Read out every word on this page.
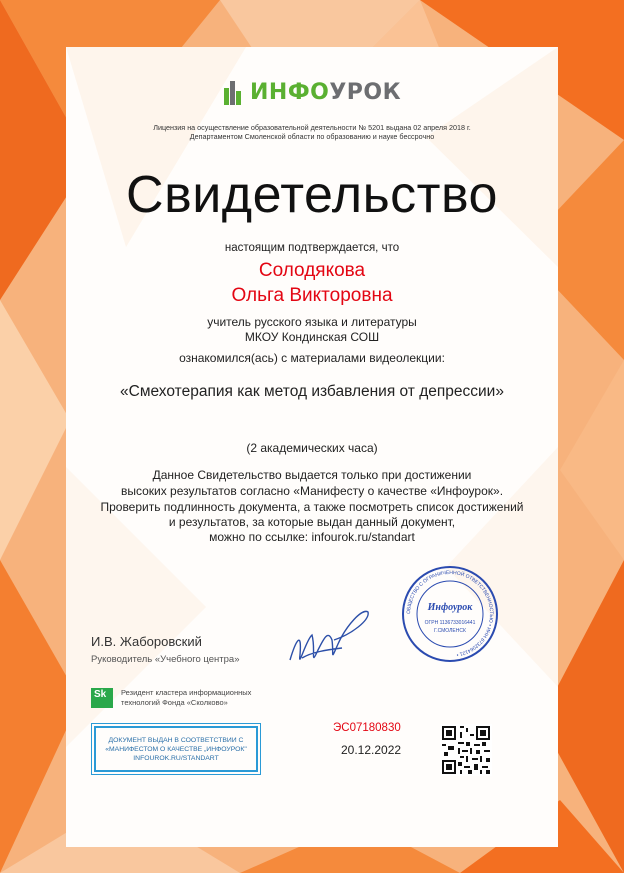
ИНФО УРОК
Лицензия на осуществление образовательной деятельности № 5201 выдана 02 апреля 2018 г.
Департаментом Смоленской области по образованию и науке бессрочно
Свидетельство
настоящим подтверждается, что
Солодякова
Ольга Викторовна
учитель русского языка и литературы
МКОУ Кондинская СОШ
ознакомился(ась) с материалами видеолекции:
«Смехотерапия как метод избавления от депрессии»
(2 академических часа)
Данное Свидетельство выдается только при достижении
высоких результатов согласно «Манифесту о качестве «Инфоурок».
Проверить подлинность документа, а также посмотреть список достижений
и результатов, за которые выдан данный документ,
можно по ссылке: infourok.ru/standart
И.В. Жаборовский
Руководитель «Учебного центра»
ОБЩЕСТВО С ОГРАНИЧЕННОЙ ОТВЕТСТВЕННОСТЬЮ • ИНН 6732064121 •
Инфоурок
ОГРН 1136733016441
Г.СМОЛЕНСК
Sk Резидент кластера информационных
технологий Фонда «Сколково»
ДОКУМЕНТ ВЫДАН В СООТВЕТСТВИИ С
«МАНИФЕСТОМ О КАЧЕСТВЕ „ИНФОУРОК"
INFOUROK.RU/STANDART
ЭС07180830
20.12.2022
